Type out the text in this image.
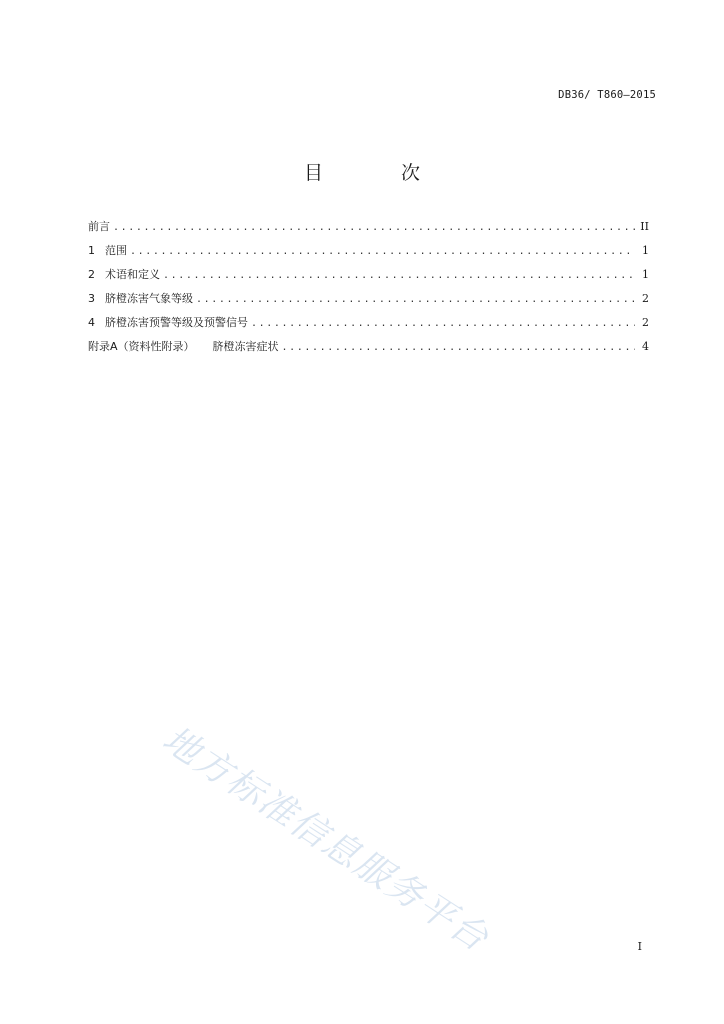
DB36/ T860—2015
目 次
前言 .....	II
1 范围 .....	1
2 术语和定义 .....	1
3 脐橙冻害气象等级 .....	2
4 脐橙冻害预警等级及预警信号 .....	2
附录A（资料性附录） 脐橙冻害症状 .....	4
地方标准信息服务平台	I
